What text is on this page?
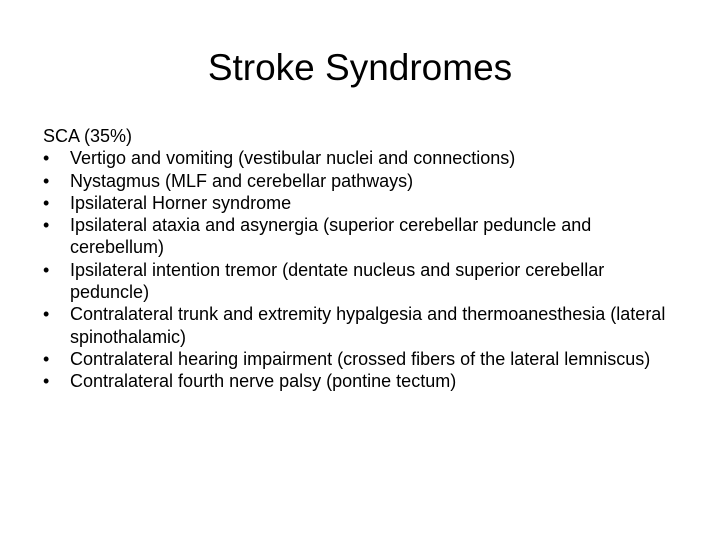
Stroke Syndromes

SCA (35%)

•	Vertigo and vomiting (vestibular nuclei and connections)
•	Nystagmus (MLF and cerebellar pathways)
•	Ipsilateral Horner syndrome
•	Ipsilateral ataxia and asynergia (superior cerebellar peduncle and cerebellum)
•	Ipsilateral intention tremor (dentate nucleus and superior cerebellar peduncle)
•	Contralateral trunk and extremity hypalgesia and thermoanesthesia (lateral spinothalamic)
•	Contralateral hearing impairment (crossed fibers of the lateral lemniscus)
•	Contralateral fourth nerve palsy (pontine tectum)
